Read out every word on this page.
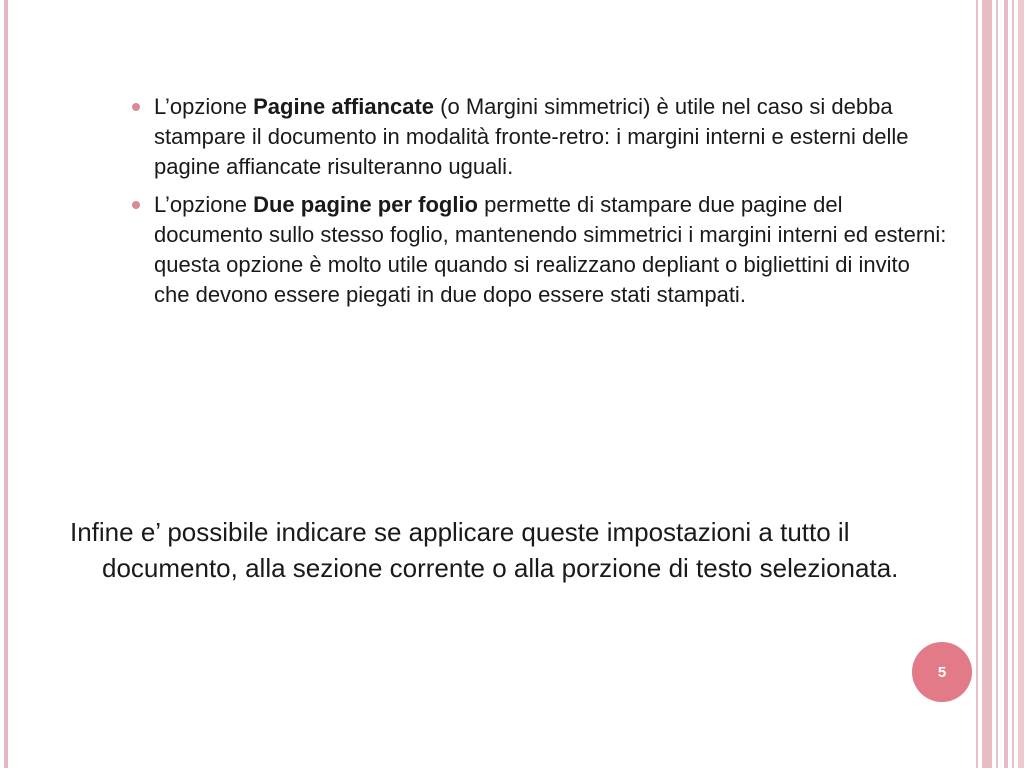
L’opzione Pagine affiancate (o Margini simmetrici) è utile nel caso si debba stampare il documento in modalità fronte-retro: i margini interni e esterni delle pagine affiancate risulteranno uguali.
L’opzione Due pagine per foglio permette di stampare due pagine del documento sullo stesso foglio, mantenendo simmetrici i margini interni ed esterni: questa opzione è molto utile quando si realizzano depliant o bigliettini di invito che devono essere piegati in due dopo essere stati stampati.

Infine e’ possibile indicare se applicare queste impostazioni a tutto il documento, alla sezione corrente o alla porzione di testo selezionata.

5
